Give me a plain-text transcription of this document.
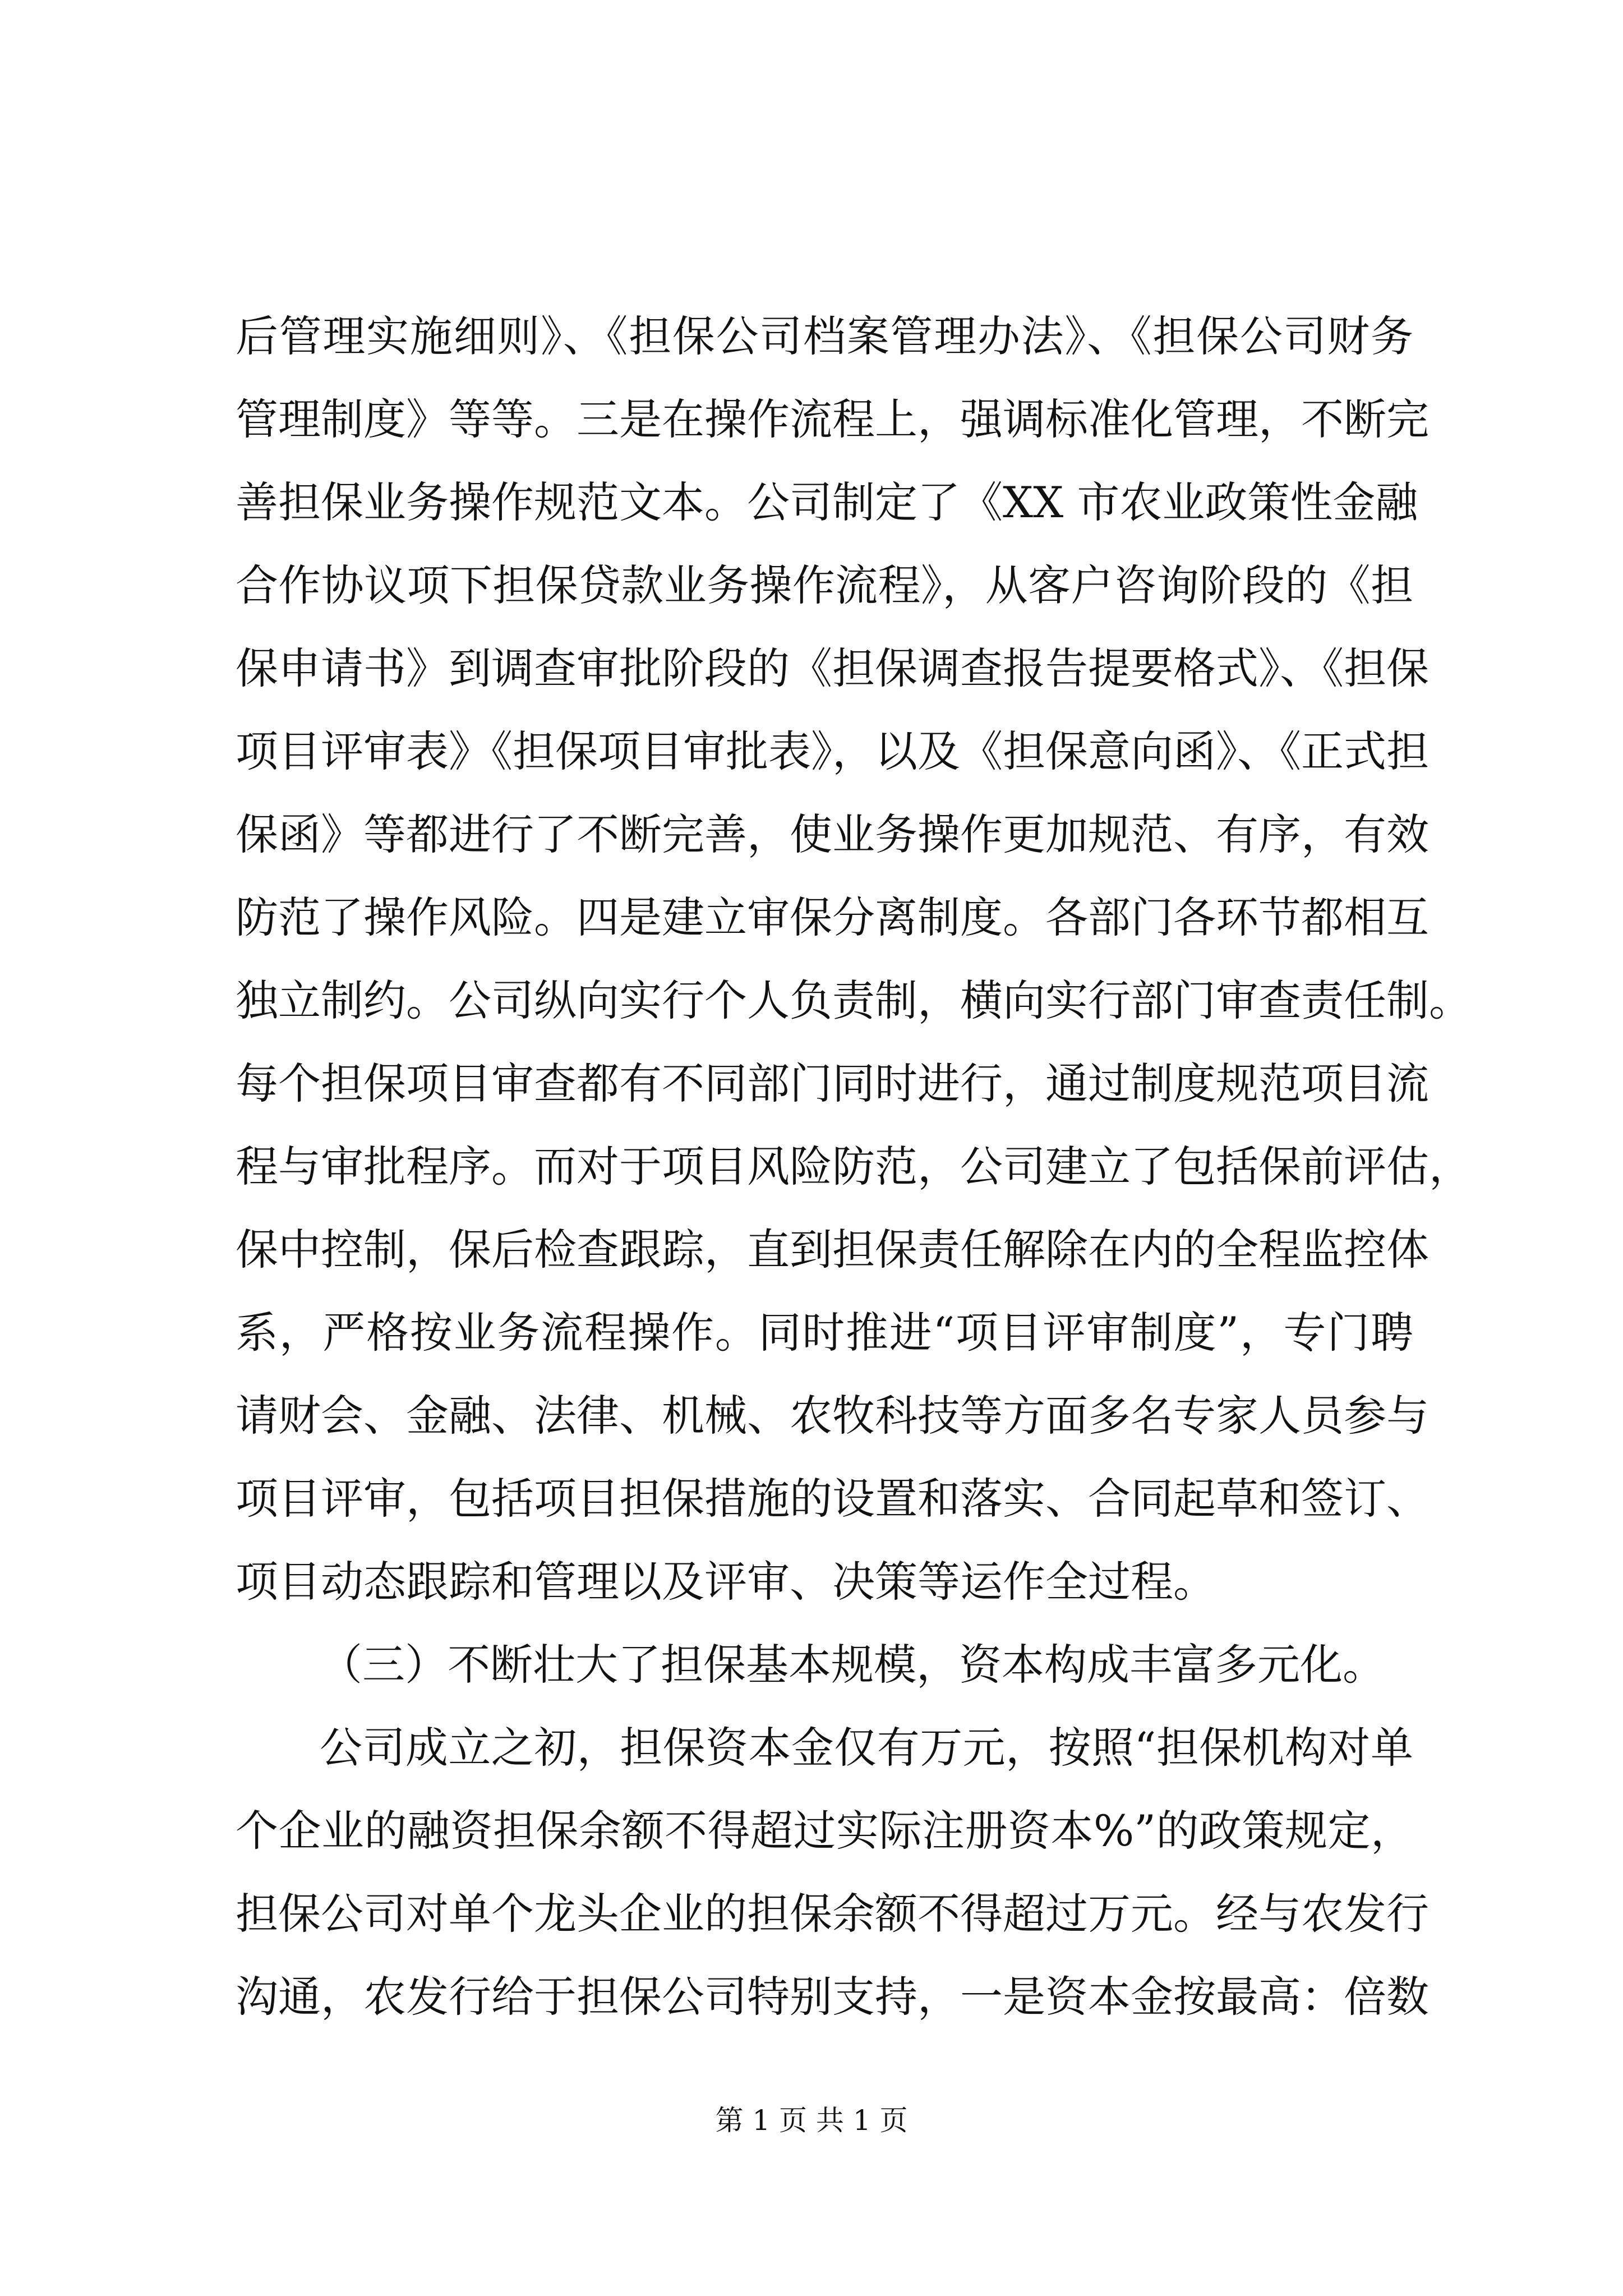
后管理实施细则》、《担保公司档案管理办法》、《担保公司财务
管理制度》等等。三是在操作流程上，强调标准化管理，不断完
善担保业务操作规范文本。公司制定了《XX 市农业政策性金融
合作协议项下担保贷款业务操作流程》，从客户咨询阶段的《担
保申请书》到调查审批阶段的《担保调查报告提要格式》、《担保
项目评审表》《担保项目审批表》，以及《担保意向函》、《正式担
保函》等都进行了不断完善，使业务操作更加规范、有序，有效
防范了操作风险。四是建立审保分离制度。各部门各环节都相互
独立制约。公司纵向实行个人负责制，横向实行部门审查责任制。
每个担保项目审查都有不同部门同时进行，通过制度规范项目流
程与审批程序。而对于项目风险防范，公司建立了包括保前评估，
保中控制，保后检查跟踪，直到担保责任解除在内的全程监控体
系，严格按业务流程操作。同时推进“项目评审制度”，专门聘
请财会、金融、法律、机械、农牧科技等方面多名专家人员参与
项目评审，包括项目担保措施的设置和落实、合同起草和签订、
项目动态跟踪和管理以及评审、决策等运作全过程。
（三）不断壮大了担保基本规模，资本构成丰富多元化。
公司成立之初，担保资本金仅有万元，按照“担保机构对单
个企业的融资担保余额不得超过实际注册资本%”的政策规定，
担保公司对单个龙头企业的担保余额不得超过万元。经与农发行
沟通，农发行给于担保公司特别支持，一是资本金按最高：倍数
第 1 页 共 1 页
